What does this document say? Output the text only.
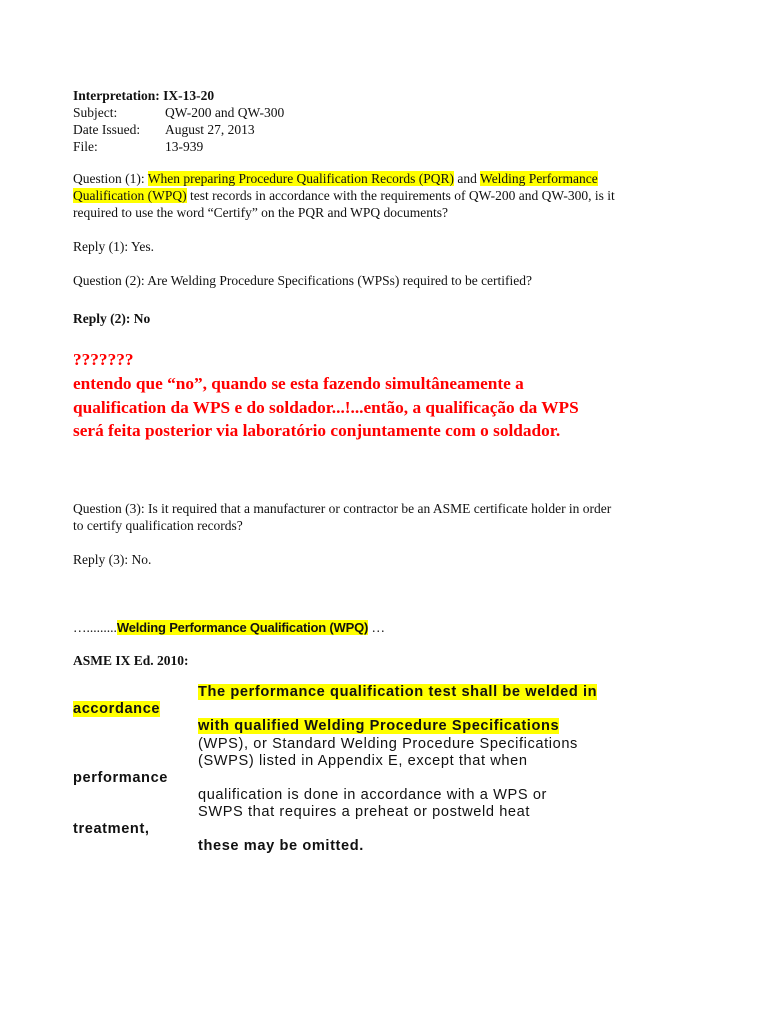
Interpretation: IX-13-20
Subject:	QW-200 and QW-300
Date Issued: August 27, 2013
File:	13-939
Question (1): When preparing Procedure Qualification Records (PQR) and Welding Performance
Qualification (WPQ) test records in accordance with the requirements of QW-200 and QW-300, is it
required to use the word “Certify” on the PQR and WPQ documents?
Reply (1): Yes.
Question (2): Are Welding Procedure Specifications (WPSs) required to be certified?
Reply (2): No
???????
entendo que “no”, quando se esta fazendo simultâneamente a
qualification da WPS e do soldador...!...então, a qualificação da WPS
será feita posterior via laboratório conjuntamente com o soldador.
Question (3): Is it required that a manufacturer or contractor be an ASME certificate holder in order
to certify qualification records?
Reply (3): No.
….........Welding Performance Qualification (WPQ) …
ASME IX Ed. 2010:
The performance qualification test shall be welded in
accordance
with qualified Welding Procedure Specifications
(WPS), or Standard Welding Procedure Specifications
(SWPS) listed in Appendix E, except that when
performance
qualification is done in accordance with a WPS or
SWPS that requires a preheat or postweld heat
treatment,
these may be omitted.
